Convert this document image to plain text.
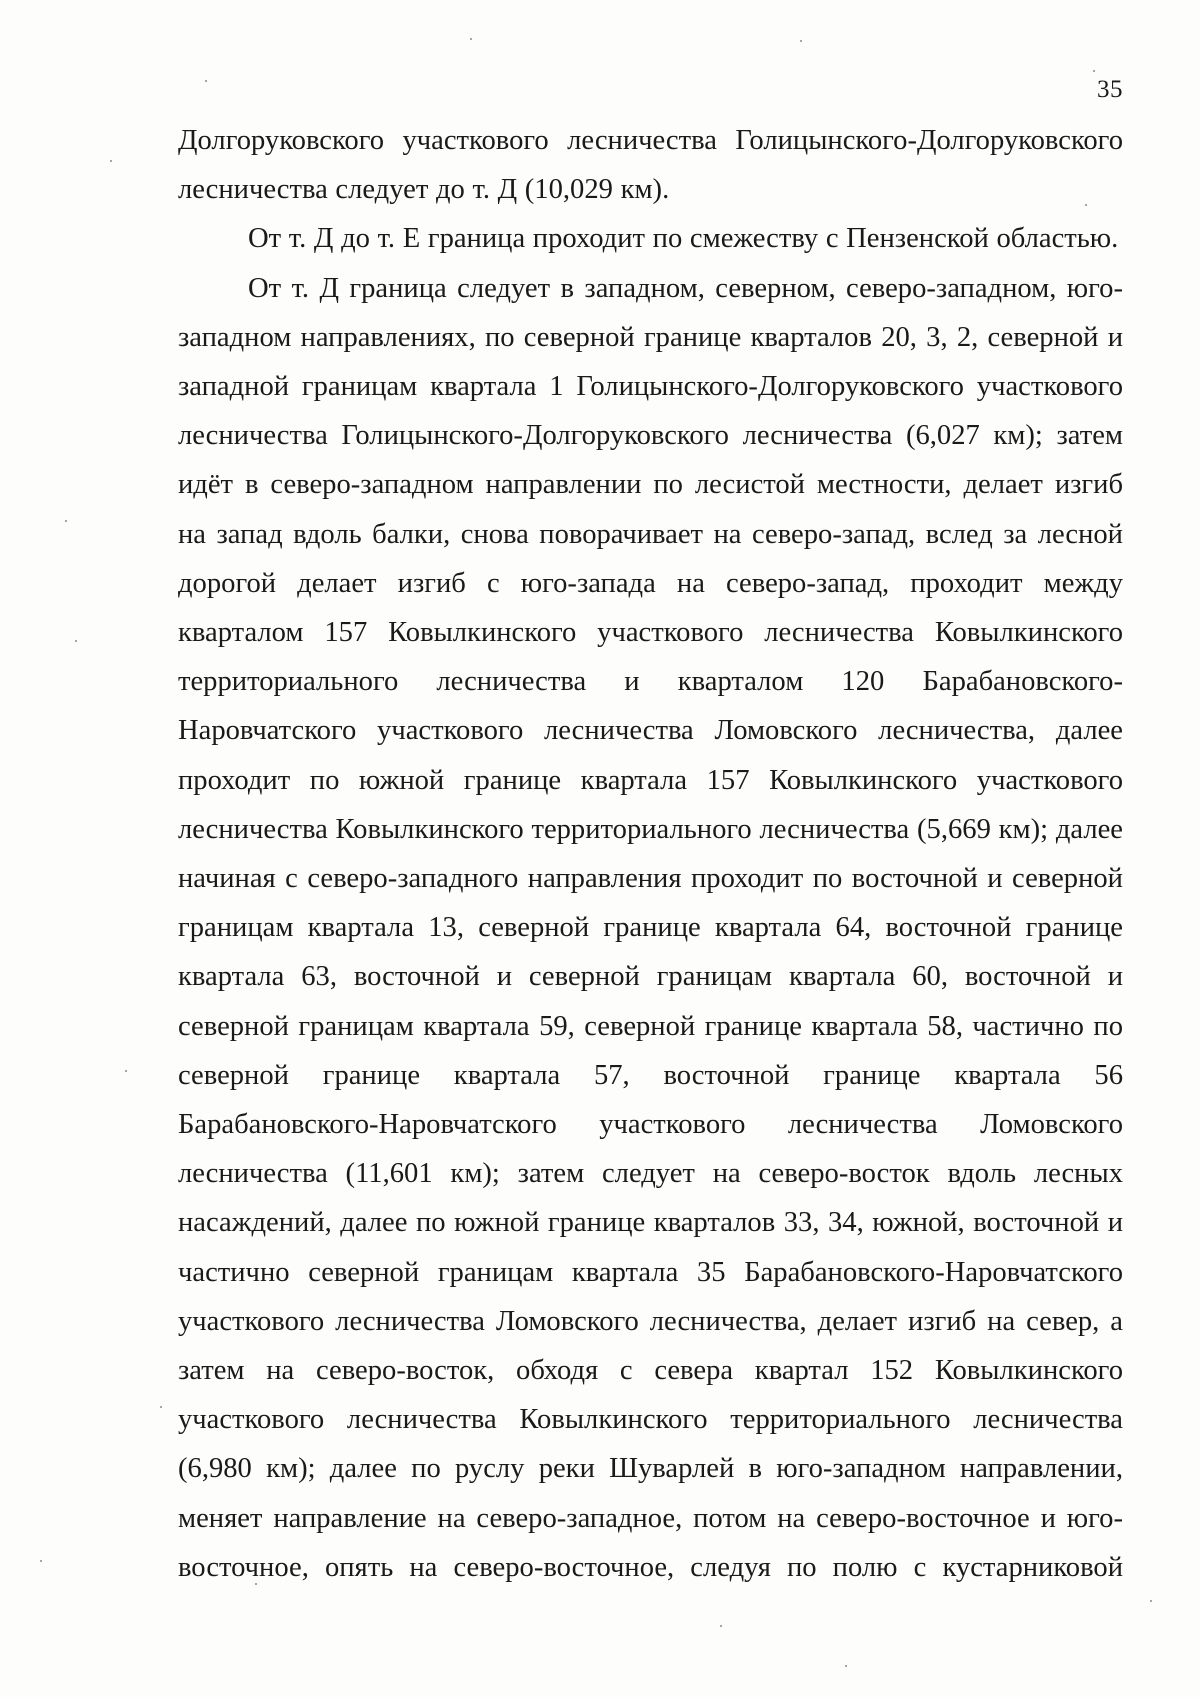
35

Долгоруковского участкового лесничества Голицынского-Долгоруковского лесничества следует до т. Д (10,029 км).

От т. Д до т. Е граница проходит по смежеству с Пензенской областью.

От т. Д граница следует в западном, северном, северо-западном, юго-западном направлениях, по северной границе кварталов 20, 3, 2, северной и западной границам квартала 1 Голицынского-Долгоруковского участкового лесничества Голицынского-Долгоруковского лесничества (6,027 км); затем идёт в северо-западном направлении по лесистой местности, делает изгиб на запад вдоль балки, снова поворачивает на северо-запад, вслед за лесной дорогой делает изгиб с юго-запада на северо-запад, проходит между кварталом 157 Ковылкинского участкового лесничества Ковылкинского территориального лесничества и кварталом 120 Барабановского-Наровчатского участкового лесничества Ломовского лесничества, далее проходит по южной границе квартала 157 Ковылкинского участкового лесничества Ковылкинского территориального лесничества (5,669 км); далее начиная с северо-западного направления проходит по восточной и северной границам квартала 13, северной границе квартала 64, восточной границе квартала 63, восточной и северной границам квартала 60, восточной и северной границам квартала 59, северной границе квартала 58, частично по северной границе квартала 57, восточной границе квартала 56 Барабановского-Наровчатского участкового лесничества Ломовского лесничества (11,601 км); затем следует на северо-восток вдоль лесных насаждений, далее по южной границе кварталов 33, 34, южной, восточной и частично северной границам квартала 35 Барабановского-Наровчатского участкового лесничества Ломовского лесничества, делает изгиб на север, а затем на северо-восток, обходя с севера квартал 152 Ковылкинского участкового лесничества Ковылкинского территориального лесничества (6,980 км); далее по руслу реки Шуварлей в юго-западном направлении, меняет направление на северо-западное, потом на северо-восточное и юго-восточное, опять на северо-восточное, следуя по полю с кустарниковой
